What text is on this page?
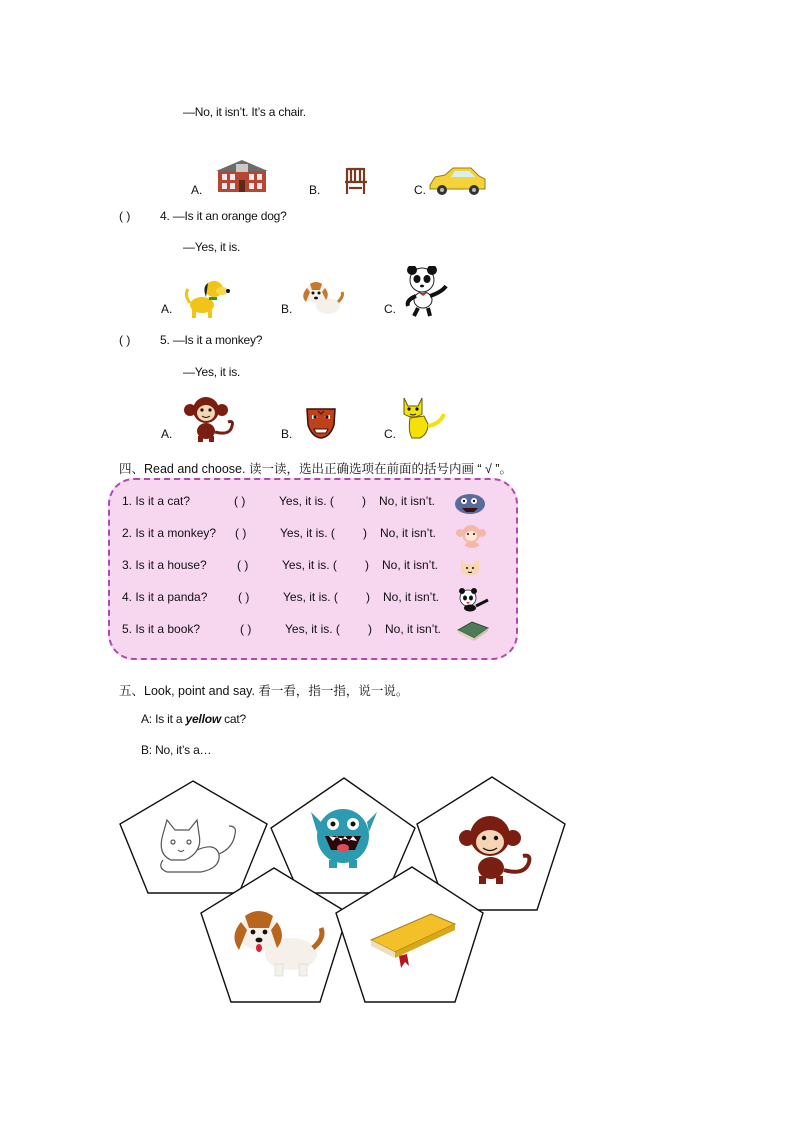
—No, it isn’t. It’s a chair.
A.	B.	C.
( ) 4. —Is it an orange dog?
—Yes, it is.
A.	B.	C.
( ) 5. —Is it a monkey?
—Yes, it is.
A.	B.	C.
四、Read and choose. 读一读，选出正确选项在前面的括号内画 “ √ ”。
1. Is it a cat?	( )	Yes, it is. ( ) No, it isn’t.
2. Is it a monkey? ( )	Yes, it is. ( ) No, it isn’t.
3. Is it a house?	( )	Yes, it is. ( ) No, it isn’t.
4. Is it a panda?	( )	Yes, it is. ( ) No, it isn’t.
5. Is it a book?	( )	Yes, it is. ( ) No, it isn’t.
五、Look, point and say. 看一看，指一指，说一说。
A: Is it a yellow cat?
B: No, it’s a…
